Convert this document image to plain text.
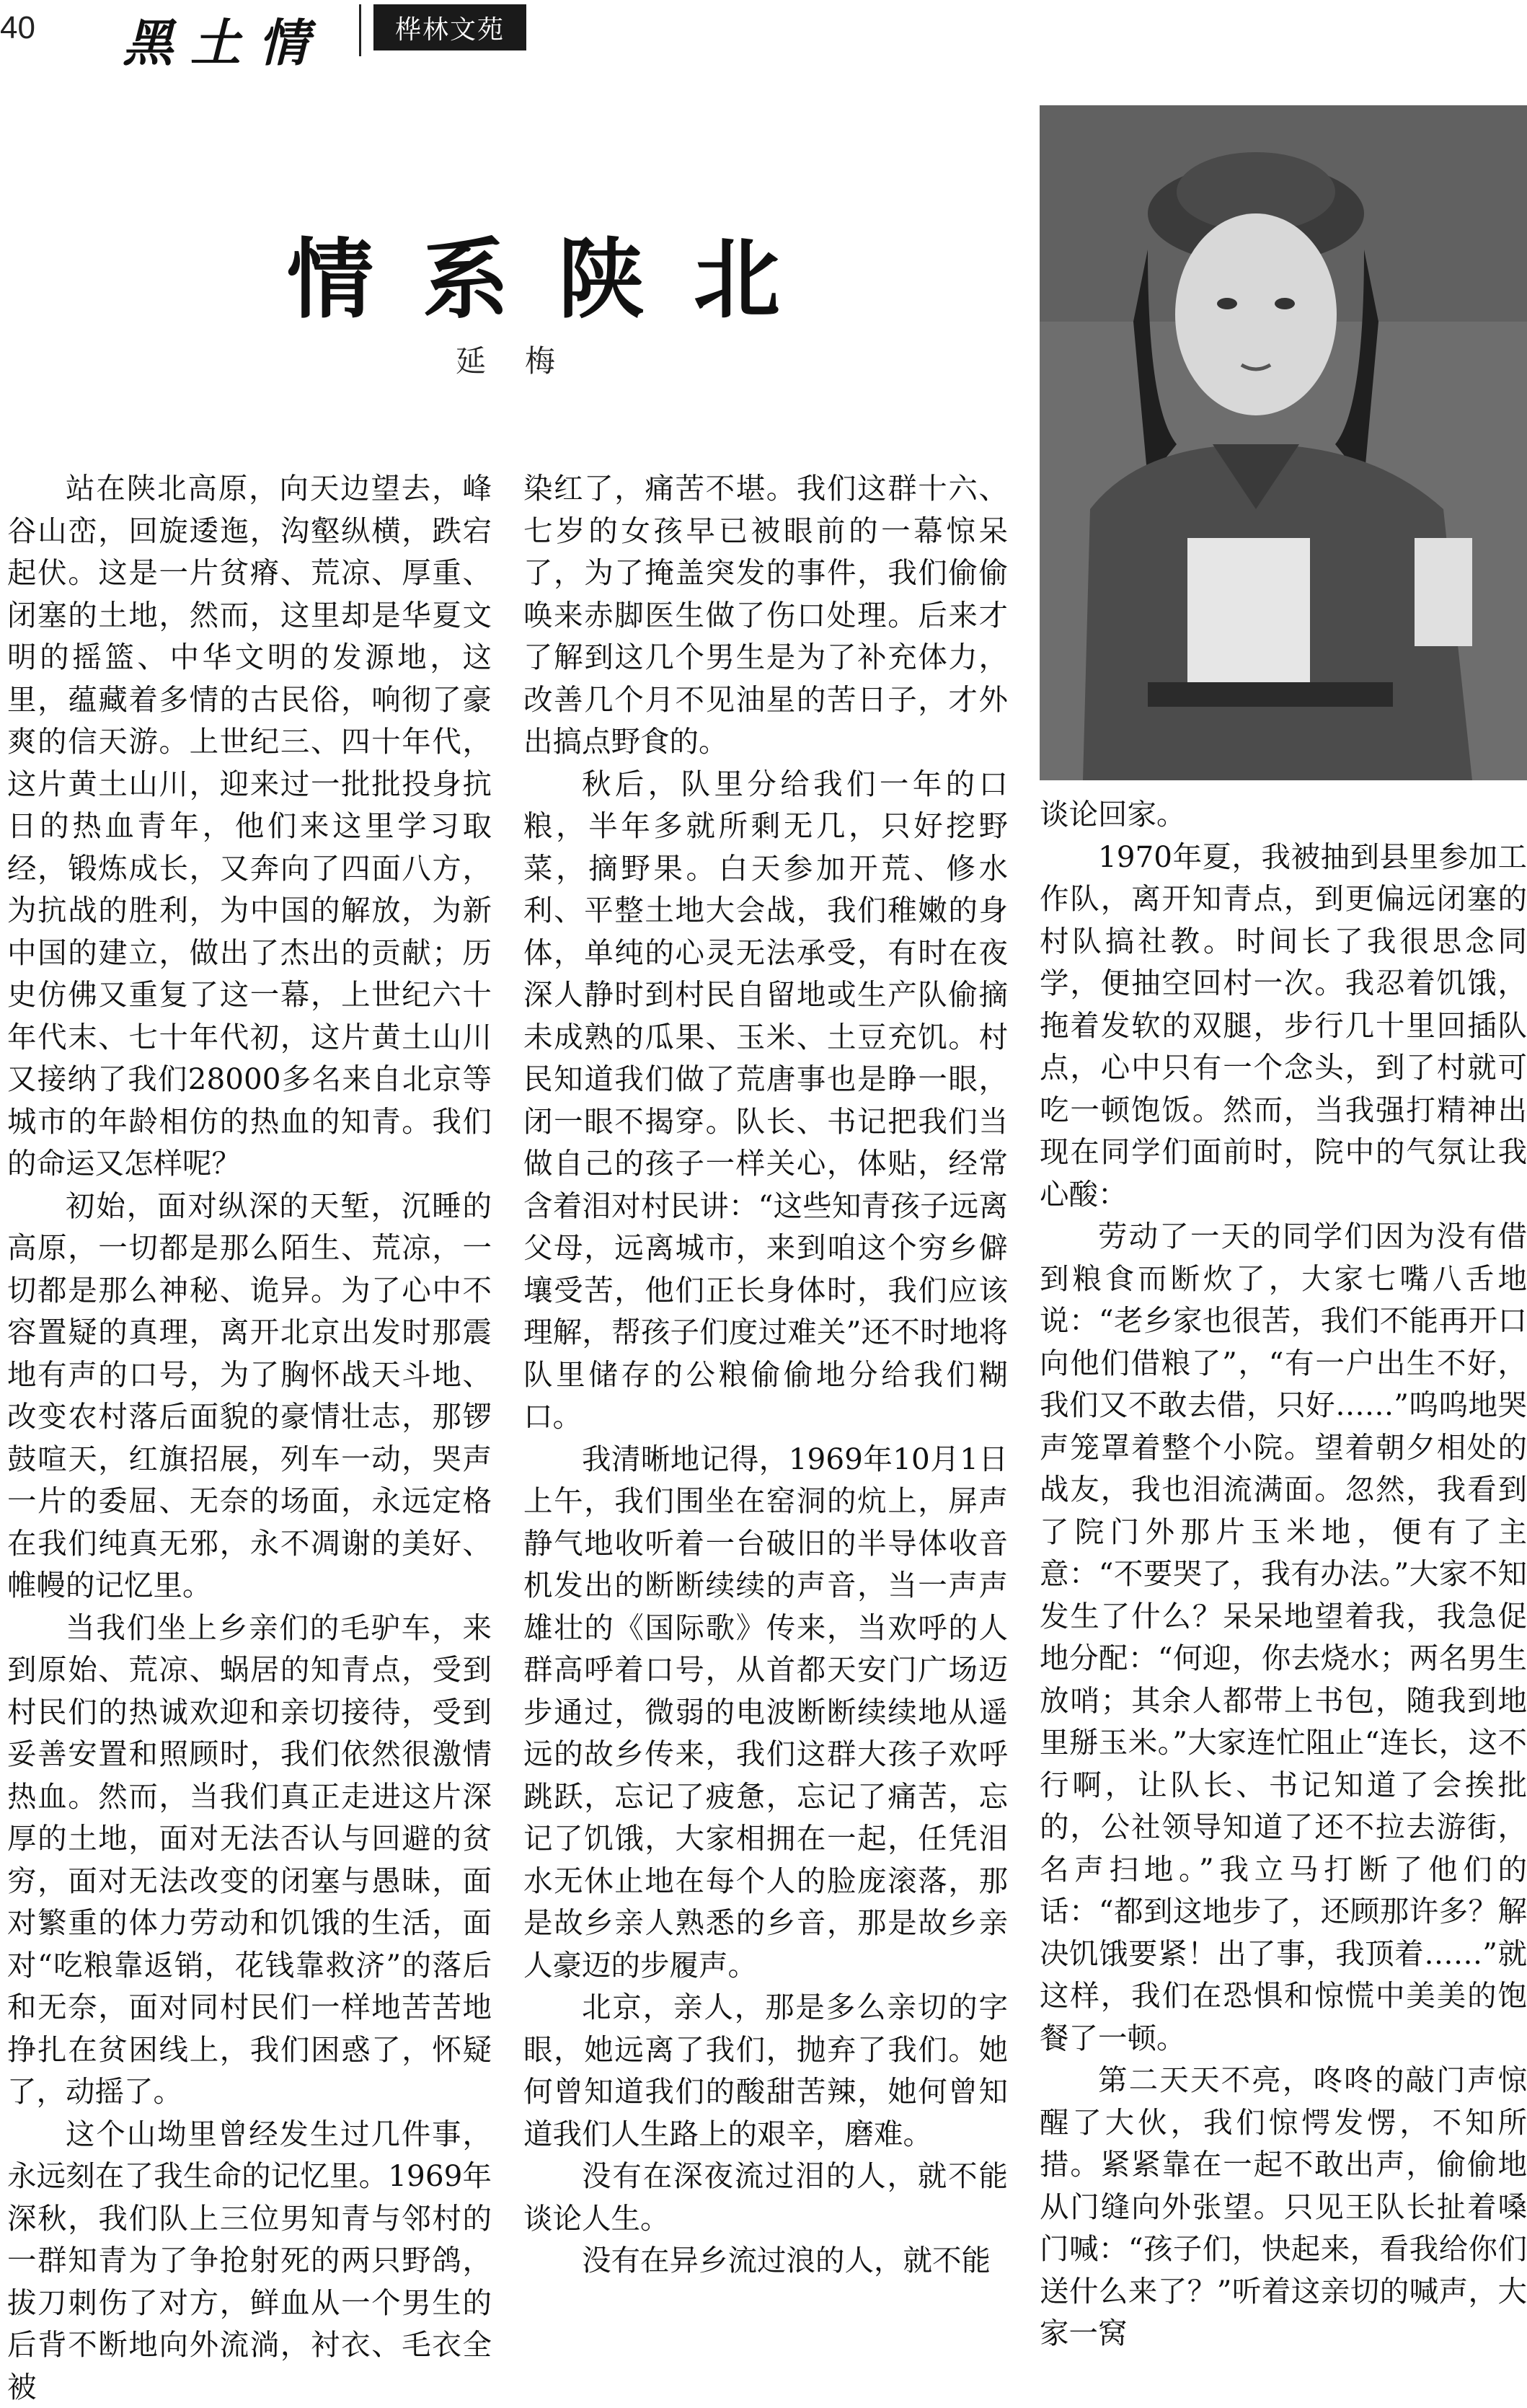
40 黑土情	桦林文苑
情系陕北
延梅

站在陕北高原，向天边望去，峰谷山峦，回旋逶迤，沟壑纵横，跌宕起伏。这是一片贫瘠、荒凉、厚重、闭塞的土地，然而，这里却是华夏文明的摇篮、中华文明的发源地，这里，蕴藏着多情的古民俗，响彻了豪爽的信天游。上世纪三、四十年代，这片黄土山川，迎来过一批批投身抗日的热血青年，他们来这里学习取经，锻炼成长，又奔向了四面八方，为抗战的胜利，为中国的解放，为新中国的建立，做出了杰出的贡献；历史仿佛又重复了这一幕，上世纪六十年代末、七十年代初，这片黄土山川又接纳了我们28000多名来自北京等城市的年龄相仿的热血的知青。我们的命运又怎样呢？

初始，面对纵深的天堑，沉睡的高原，一切都是那么陌生、荒凉，一切都是那么神秘、诡异。为了心中不容置疑的真理，离开北京出发时那震地有声的口号，为了胸怀战天斗地、改变农村落后面貌的豪情壮志，那锣鼓喧天，红旗招展，列车一动，哭声一片的委屈、无奈的场面，永远定格在我们纯真无邪，永不凋谢的美好、帷幔的记忆里。

当我们坐上乡亲们的毛驴车，来到原始、荒凉、蜗居的知青点，受到村民们的热诚欢迎和亲切接待，受到妥善安置和照顾时，我们依然很激情热血。然而，当我们真正走进这片深厚的土地，面对无法否认与回避的贫穷，面对无法改变的闭塞与愚昧，面对繁重的体力劳动和饥饿的生活，面对“吃粮靠返销，花钱靠救济”的落后和无奈，面对同村民们一样地苦苦地挣扎在贫困线上，我们困惑了，怀疑了，动摇了。

这个山坳里曾经发生过几件事，永远刻在了我生命的记忆里。1969年深秋，我们队上三位男知青与邻村的一群知青为了争抢射死的两只野鸽，拔刀刺伤了对方，鲜血从一个男生的后背不断地向外流淌，衬衣、毛衣全被

染红了，痛苦不堪。我们这群十六、七岁的女孩早已被眼前的一幕惊呆了，为了掩盖突发的事件，我们偷偷唤来赤脚医生做了伤口处理。后来才了解到这几个男生是为了补充体力，改善几个月不见油星的苦日子，才外出搞点野食的。

秋后，队里分给我们一年的口粮，半年多就所剩无几，只好挖野菜，摘野果。白天参加开荒、修水利、平整土地大会战，我们稚嫩的身体，单纯的心灵无法承受，有时在夜深人静时到村民自留地或生产队偷摘未成熟的瓜果、玉米、土豆充饥。村民知道我们做了荒唐事也是睁一眼，闭一眼不揭穿。队长、书记把我们当做自己的孩子一样关心，体贴，经常含着泪对村民讲：“这些知青孩子远离父母，远离城市，来到咱这个穷乡僻壤受苦，他们正长身体时，我们应该理解，帮孩子们度过难关”还不时地将队里储存的公粮偷偷地分给我们糊口。

我清晰地记得，1969年10月1日上午，我们围坐在窑洞的炕上，屏声静气地收听着一台破旧的半导体收音机发出的断断续续的声音，当一声声雄壮的《国际歌》传来，当欢呼的人群高呼着口号，从首都天安门广场迈步通过，微弱的电波断断续续地从遥远的故乡传来，我们这群大孩子欢呼跳跃，忘记了疲惫，忘记了痛苦，忘记了饥饿，大家相拥在一起，任凭泪水无休止地在每个人的脸庞滚落，那是故乡亲人熟悉的乡音，那是故乡亲人豪迈的步履声。

北京，亲人，那是多么亲切的字眼，她远离了我们，抛弃了我们。她何曾知道我们的酸甜苦辣，她何曾知道我们人生路上的艰辛，磨难。

没有在深夜流过泪的人，就不能谈论人生。

没有在异乡流过浪的人，就不能

谈论回家。

1970年夏，我被抽到县里参加工作队，离开知青点，到更偏远闭塞的村队搞社教。时间长了我很思念同学，便抽空回村一次。我忍着饥饿，拖着发软的双腿，步行几十里回插队点，心中只有一个念头，到了村就可吃一顿饱饭。然而，当我强打精神出现在同学们面前时，院中的气氛让我心酸：

劳动了一天的同学们因为没有借到粮食而断炊了，大家七嘴八舌地说：“老乡家也很苦，我们不能再开口向他们借粮了”，“有一户出生不好，我们又不敢去借，只好……”呜呜地哭声笼罩着整个小院。望着朝夕相处的战友，我也泪流满面。忽然，我看到了院门外那片玉米地，便有了主意：“不要哭了，我有办法。”大家不知发生了什么？呆呆地望着我，我急促地分配：“何迎，你去烧水；两名男生放哨；其余人都带上书包，随我到地里掰玉米。”大家连忙阻止“连长，这不行啊，让队长、书记知道了会挨批的，公社领导知道了还不拉去游街，名声扫地。”我立马打断了他们的话：“都到这地步了，还顾那许多？解决饥饿要紧！出了事，我顶着……”就这样，我们在恐惧和惊慌中美美的饱餐了一顿。

第二天天不亮，咚咚的敲门声惊醒了大伙，我们惊愕发愣，不知所措。紧紧靠在一起不敢出声，偷偷地从门缝向外张望。只见王队长扯着嗓门喊：“孩子们，快起来，看我给你们送什么来了？”听着这亲切的喊声，大家一窝
